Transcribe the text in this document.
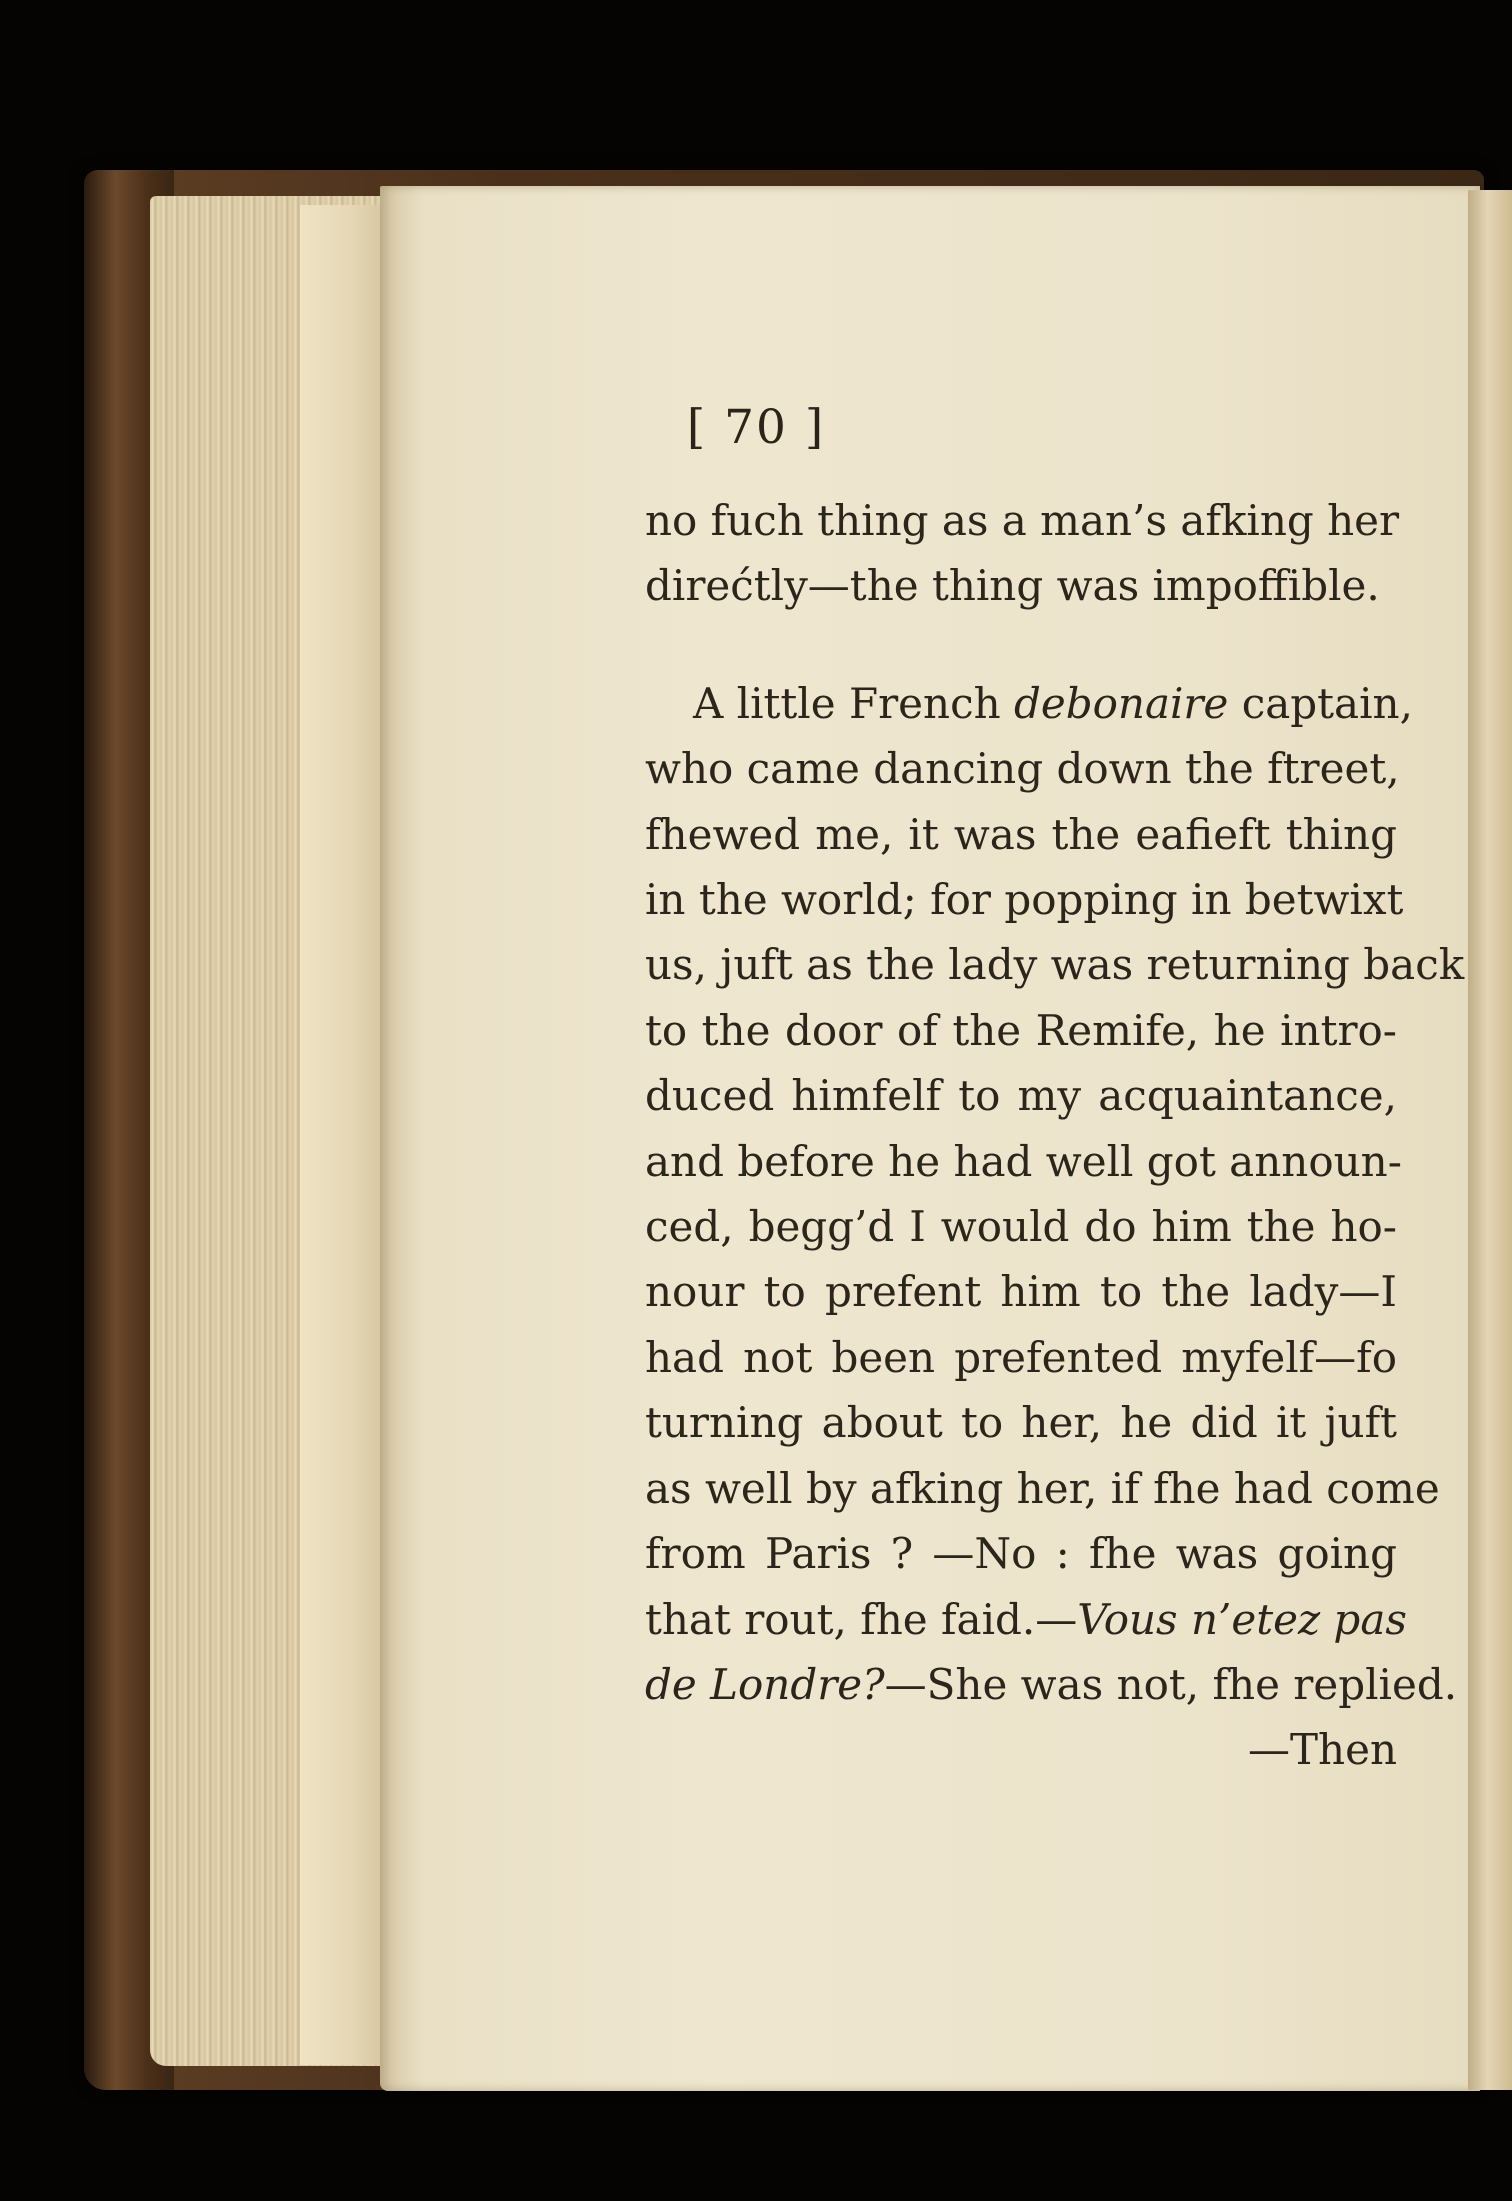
[ 70 ]
no fuch thing as a man’s afking her
direćtly—the thing was impoffible.
A little French debonaire captain,
who came dancing down the ftreet,
fhewed me, it was the eafieft thing
in the world; for popping in betwixt
us, juft as the lady was returning back
to the door of the Remife, he intro-
duced himfelf to my acquaintance,
and before he had well got announ-
ced, begg’d I would do him the ho-
nour to prefent him to the lady—I
had not been prefented myfelf—fo
turning about to her, he did it juft
as well by afking her, if fhe had come
from Paris ? —No : fhe was going
that rout, fhe faid.—Vous n’etez pas
de Londre?—She was not, fhe replied.
—Then
